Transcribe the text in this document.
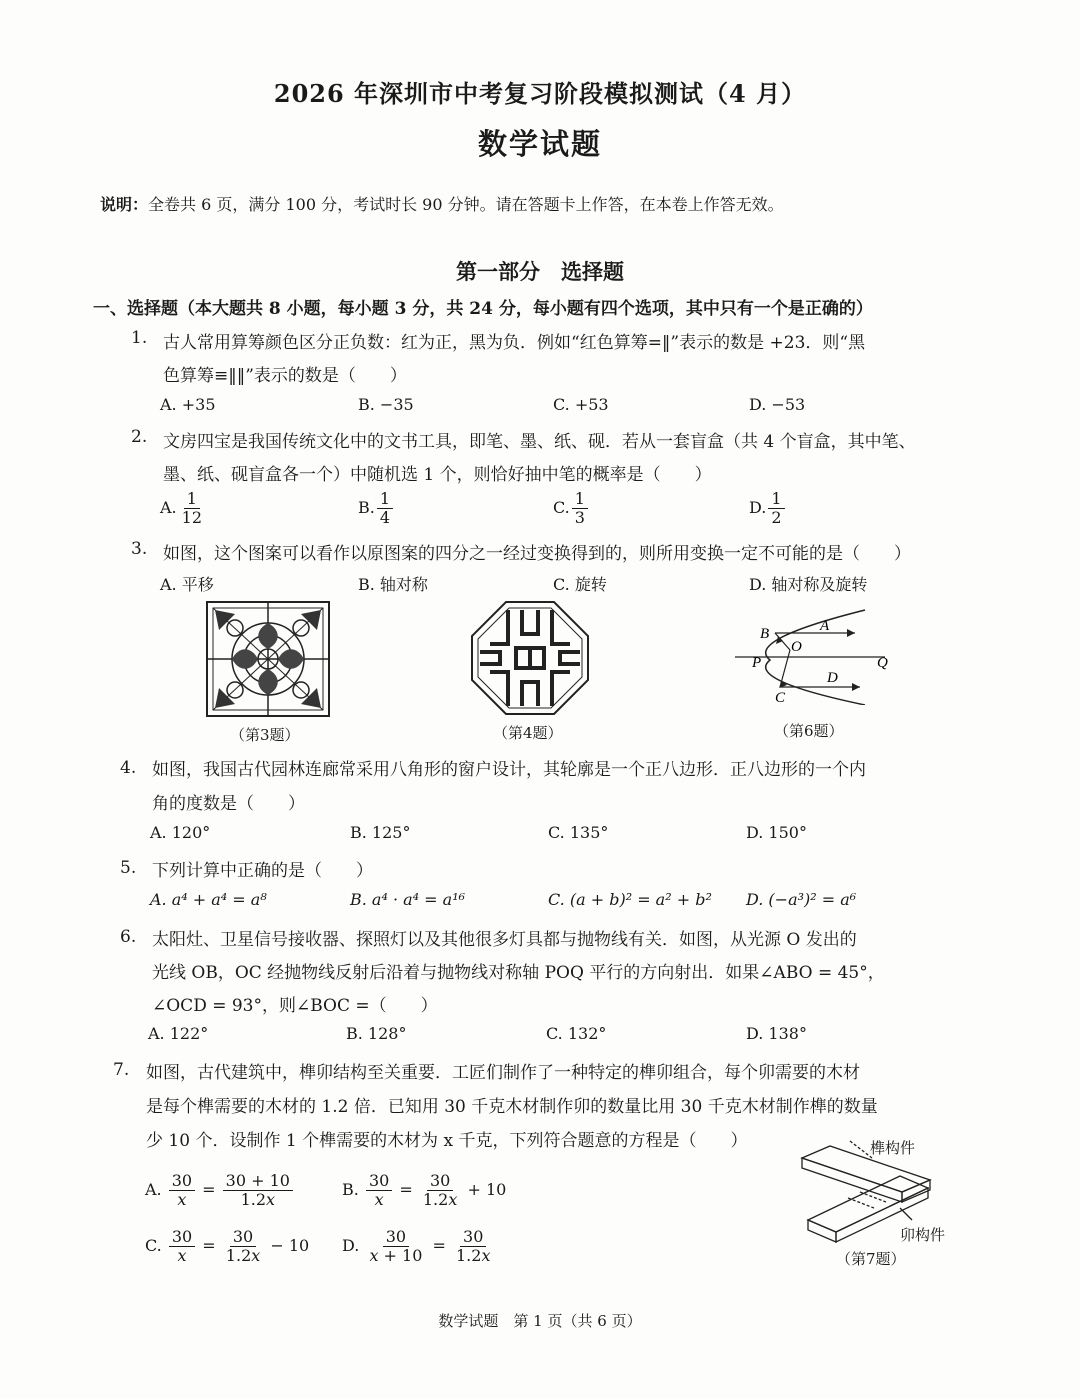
2026 年深圳市中考复习阶段模拟测试（4 月）
数学试题
说明：全卷共 6 页，满分 100 分，考试时长 90 分钟。请在答题卡上作答，在本卷上作答无效。
第一部分　选择题
一、选择题（本大题共 8 小题，每小题 3 分，共 24 分，每小题有四个选项，其中只有一个是正确的）
1. 古人常用算筹颜色区分正负数：红为正，黑为负．例如“红色算筹=‖”表示的数是 +23．则“黑
色算筹≡‖‖”表示的数是（　　）
A. +35	B. −35	C. +53	D. −53
2. 文房四宝是我国传统文化中的文书工具，即笔、墨、纸、砚．若从一套盲盒（共 4 个盲盒，其中笔、
墨、纸、砚盲盒各一个）中随机选 1 个，则恰好抽中笔的概率是（　　）
A. $\frac{1}{12}$	B. $\frac{1}{4}$	C. $\frac{1}{3}$	D. $\frac{1}{2}$
3. 如图，这个图案可以看作以原图案的四分之一经过变换得到的，则所用变换一定不可能的是（　　）
A. 平移	B. 轴对称	C. 旋转	D. 轴对称及旋转
（第3题）	（第4题）
B	A
O
P	Q
D
C
（第6题）
4. 如图，我国古代园林连廊常采用八角形的窗户设计，其轮廓是一个正八边形．正八边形的一个内
角的度数是（　　）
A. 120°	B. 125°	C. 135°	D. 150°
5. 下列计算中正确的是（　　）
A. a⁴ + a⁴ = a⁸	B. a⁴ · a⁴ = a¹⁶	C. (a + b)² = a² + b² D. (−a³)² = a⁶
6. 太阳灶、卫星信号接收器、探照灯以及其他很多灯具都与抛物线有关．如图，从光源 O 发出的
光线 OB，OC 经抛物线反射后沿着与抛物线对称轴 POQ 平行的方向射出．如果∠ABO = 45°，
∠OCD = 93°，则∠BOC =（　　）
A. 122°	B. 128°	C. 132°	D. 138°
7. 如图，古代建筑中，榫卯结构至关重要．工匠们制作了一种特定的榫卯组合，每个卯需要的木材
是每个榫需要的木材的 1.2 倍．已知用 30 千克木材制作卯的数量比用 30 千克木材制作榫的数量
少 10 个．设制作 1 个榫需要的木材为 x 千克，下列符合题意的方程是（　　）
A. $\frac{30}{x} = \frac{30 + 10}{1.2x}$	B. $\frac{30}{x} = \frac{30}{1.2x} + 10$
C. $\frac{30}{x} = \frac{30}{1.2x} - 10$ D. $\frac{30}{x + 10} = \frac{30}{1.2x}$
榫构件
卯构件
（第7题）
数学试题　第 1 页（共 6 页）
